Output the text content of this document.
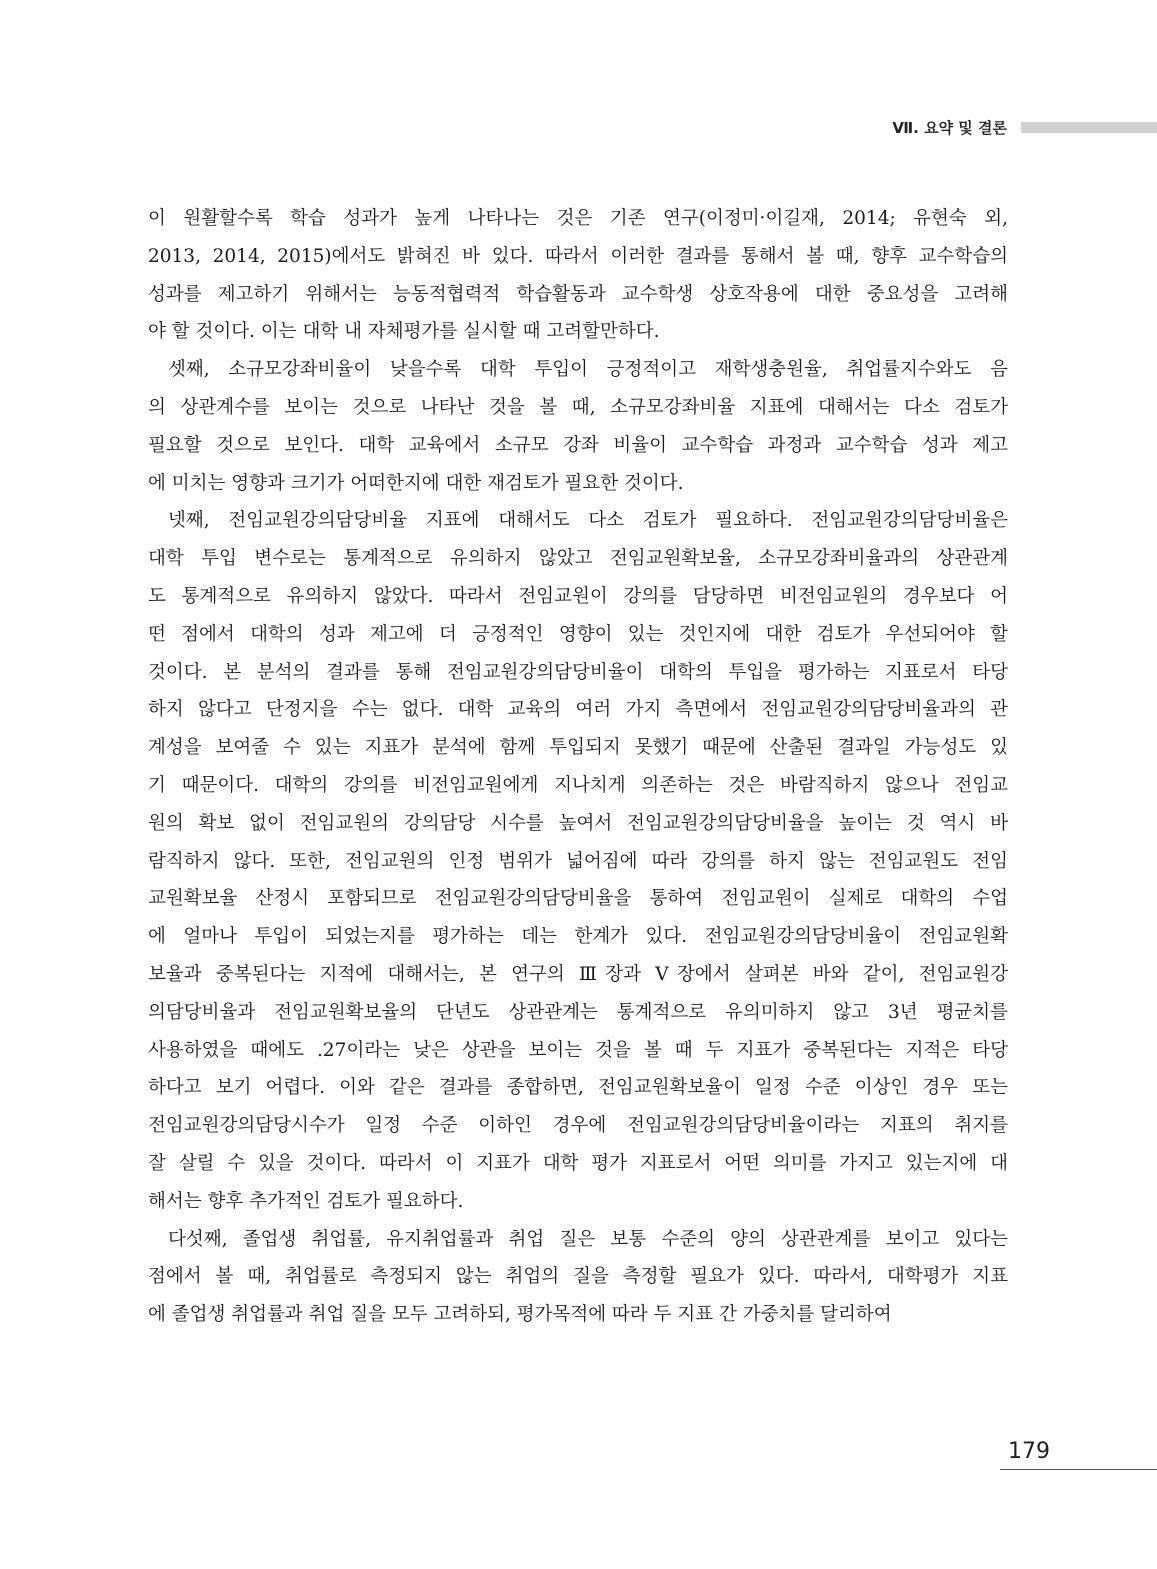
Ⅶ. 요약 및 결론
이 원활할수록 학습 성과가 높게 나타나는 것은 기존 연구(이정미·이길재, 2014; 유현숙 외,
2013, 2014, 2015)에서도 밝혀진 바 있다. 따라서 이러한 결과를 통해서 볼 때, 향후 교수학습의
성과를 제고하기 위해서는 능동적협력적 학습활동과 교수학생 상호작용에 대한 중요성을 고려해
야 할 것이다. 이는 대학 내 자체평가를 실시할 때 고려할만하다.
셋째, 소규모강좌비율이 낮을수록 대학 투입이 긍정적이고 재학생충원율, 취업률지수와도 음
의 상관계수를 보이는 것으로 나타난 것을 볼 때, 소규모강좌비율 지표에 대해서는 다소 검토가
필요할 것으로 보인다. 대학 교육에서 소규모 강좌 비율이 교수학습 과정과 교수학습 성과 제고
에 미치는 영향과 크기가 어떠한지에 대한 재검토가 필요한 것이다.
넷째, 전임교원강의담당비율 지표에 대해서도 다소 검토가 필요하다. 전임교원강의담당비율은
대학 투입 변수로는 통계적으로 유의하지 않았고 전임교원확보율, 소규모강좌비율과의 상관관계
도 통계적으로 유의하지 않았다. 따라서 전임교원이 강의를 담당하면 비전임교원의 경우보다 어
떤 점에서 대학의 성과 제고에 더 긍정적인 영향이 있는 것인지에 대한 검토가 우선되어야 할
것이다. 본 분석의 결과를 통해 전임교원강의담당비율이 대학의 투입을 평가하는 지표로서 타당
하지 않다고 단정지을 수는 없다. 대학 교육의 여러 가지 측면에서 전임교원강의담당비율과의 관
계성을 보여줄 수 있는 지표가 분석에 함께 투입되지 못했기 때문에 산출된 결과일 가능성도 있
기 때문이다. 대학의 강의를 비전임교원에게 지나치게 의존하는 것은 바람직하지 않으나 전임교
원의 확보 없이 전임교원의 강의담당 시수를 높여서 전임교원강의담당비율을 높이는 것 역시 바
람직하지 않다. 또한, 전임교원의 인정 범위가 넓어짐에 따라 강의를 하지 않는 전임교원도 전임
교원확보율 산정시 포함되므로 전임교원강의담당비율을 통하여 전임교원이 실제로 대학의 수업
에 얼마나 투입이 되었는지를 평가하는 데는 한계가 있다. 전임교원강의담당비율이 전임교원확
보율과 중복된다는 지적에 대해서는, 본 연구의 Ⅲ장과 Ⅴ장에서 살펴본 바와 같이, 전임교원강
의담당비율과 전임교원확보율의 단년도 상관관계는 통계적으로 유의미하지 않고 3년 평균치를
사용하였을 때에도 .27이라는 낮은 상관을 보이는 것을 볼 때 두 지표가 중복된다는 지적은 타당
하다고 보기 어렵다. 이와 같은 결과를 종합하면, 전임교원확보율이 일정 수준 이상인 경우 또는
전임교원강의담당시수가 일정 수준 이하인 경우에 전임교원강의담당비율이라는 지표의 취지를
잘 살릴 수 있을 것이다. 따라서 이 지표가 대학 평가 지표로서 어떤 의미를 가지고 있는지에 대
해서는 향후 추가적인 검토가 필요하다.
다섯째, 졸업생 취업률, 유지취업률과 취업 질은 보통 수준의 양의 상관관계를 보이고 있다는
점에서 볼 때, 취업률로 측정되지 않는 취업의 질을 측정할 필요가 있다. 따라서, 대학평가 지표
에 졸업생 취업률과 취업 질을 모두 고려하되, 평가목적에 따라 두 지표 간 가중치를 달리하여
179
